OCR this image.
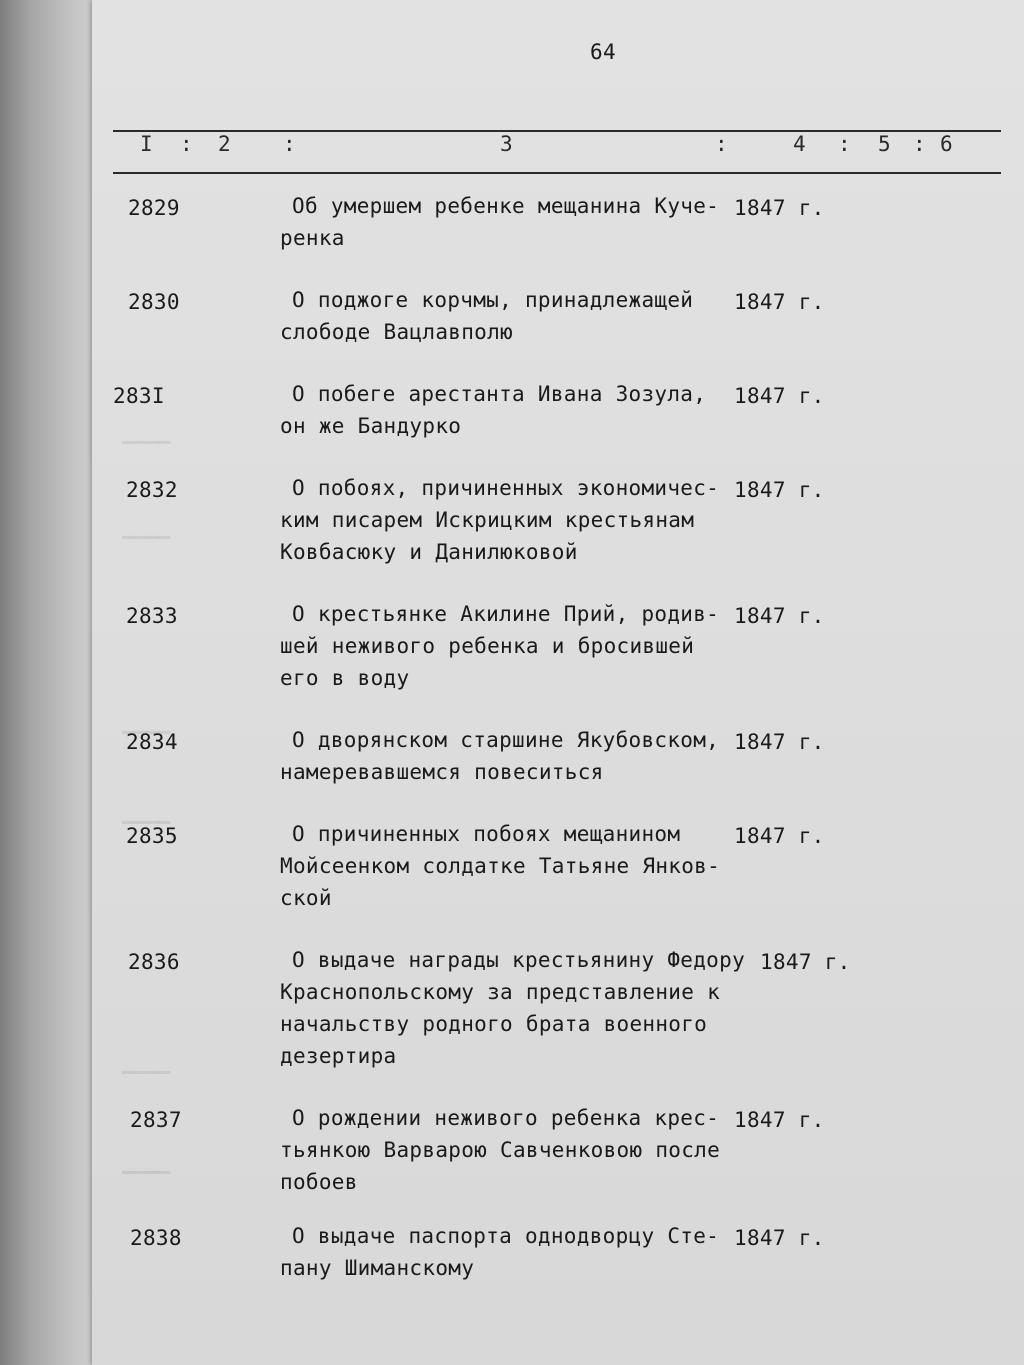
▁▁▁▁
▁▁▁▁
▁▁▁▁
▁▁▁▁
▁▁▁▁
▁▁▁▁
64
I : 2 :	3	:	4 : 5 : 6
2829	Об умершем ребенке мещанина Куче-
ренка
1847 г.
2830	О поджоге корчмы, принадлежащей
слободе Вацлавполю
1847 г.
283I	О побеге арестанта Ивана Зозула,
он же Бандурко
1847 г.
2832	О побоях, причиненных экономичес-
ким писарем Искрицким крестьянам
Ковбасюку и Данилюковой
1847 г.
2833	О крестьянке Акилине Прий, родив-
шей неживого ребенка и бросившей
его в воду
1847 г.
2834	О дворянском старшине Якубовском,
намеревавшемся повеситься
1847 г.
2835	О причиненных побоях мещанином
Мойсеенком солдатке Татьяне Янков-
ской
1847 г.
2836	О выдаче награды крестьянину Федору
Краснопольскому за представление к
начальству родного брата военного
дезертира
1847 г.
2837	О рождении неживого ребенка крес-
тьянкою Варварою Савченковою после
побоев
1847 г.
2838	О выдаче паспорта однодворцу Сте-
пану Шиманскому
1847 г.
